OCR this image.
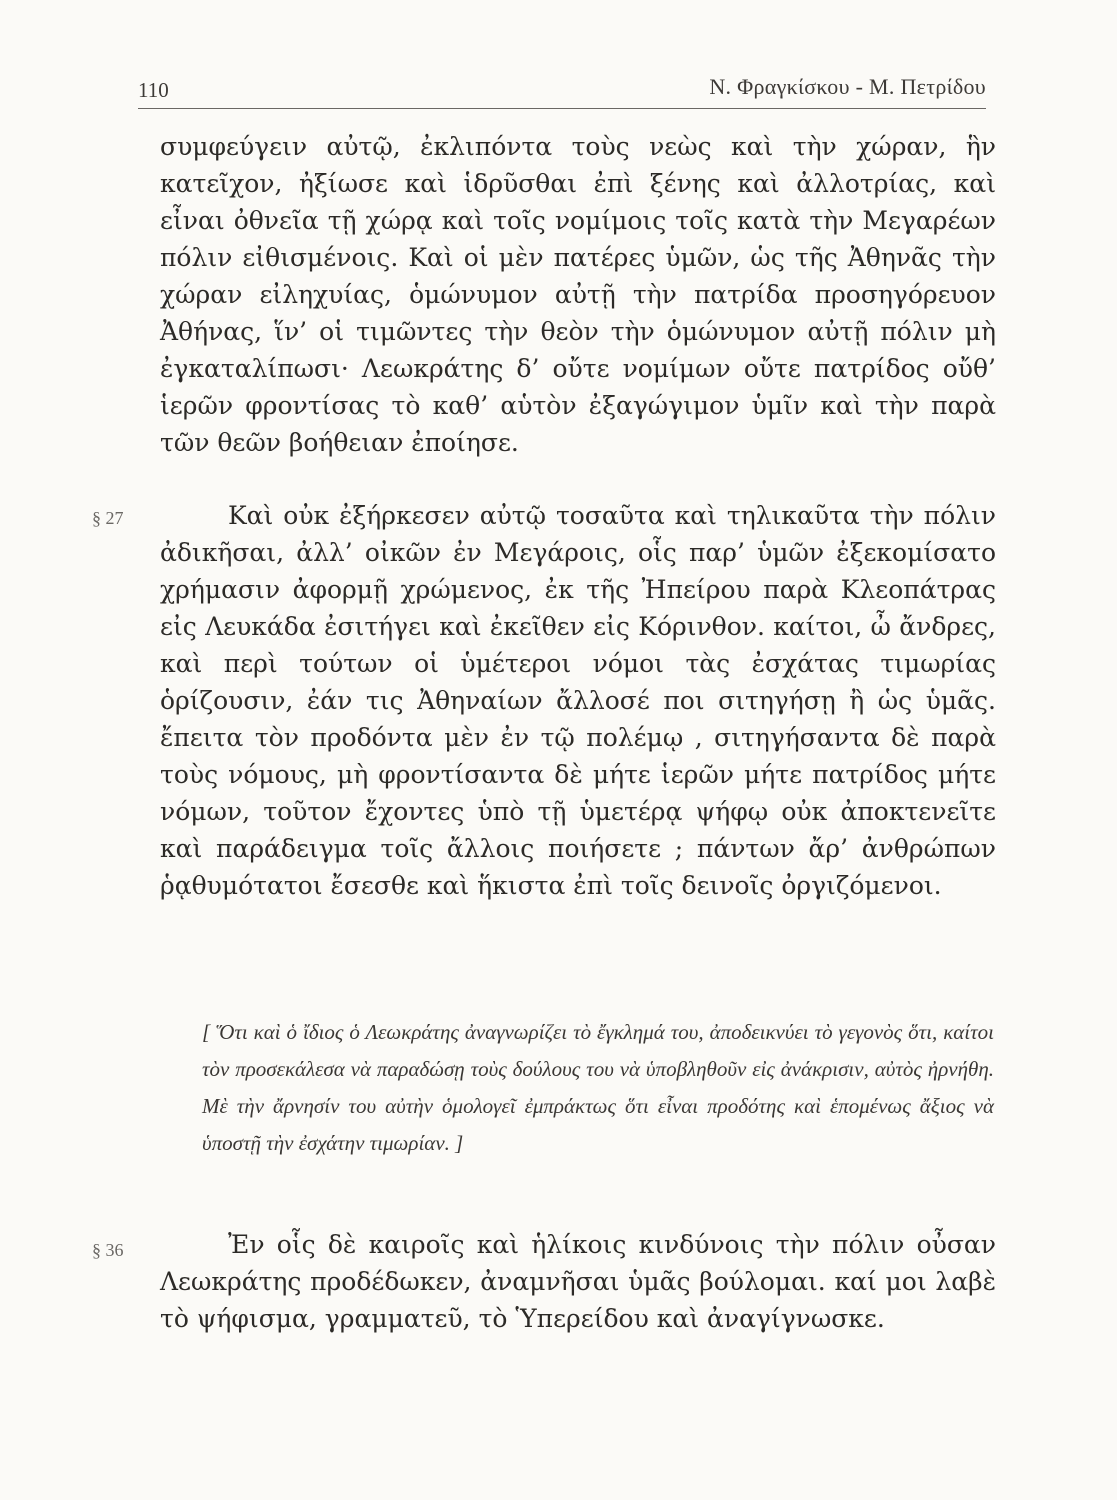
110	Ν. Φραγκίσκου - Μ. Πετρίδου

συμφεύγειν αὐτῷ, ἐκλιπόντα τοὺς νεὼς καὶ τὴν χώραν, ἣν κατεῖχον, ἠξίωσε καὶ ἱδρῦσθαι ἐπὶ ξένης καὶ ἀλλοτρίας, καὶ εἶναι ὀθνεῖα τῇ χώρᾳ καὶ τοῖς νομίμοις τοῖς κατὰ τὴν Μεγαρέων πόλιν εἰθισμένοις. Καὶ οἱ μὲν πατέρες ὑμῶν, ὡς τῆς Ἀθηνᾶς τὴν χώραν εἰληχυίας, ὁμώνυμον αὐτῇ τὴν πατρίδα προσηγόρευον Ἀθήνας, ἵν’ οἱ τιμῶντες τὴν θεὸν τὴν ὁμώνυμον αὐτῇ πόλιν μὴ ἐγκαταλίπωσι· Λεωκράτης δ’ οὔτε νομίμων οὔτε πατρίδος οὔθ’ ἱερῶν φροντίσας τὸ καθ’ αὑτὸν ἐξαγώγιμον ὑμῖν καὶ τὴν παρὰ τῶν θεῶν βοήθειαν ἐποίησε.

§ 27	Καὶ οὐκ ἐξήρκεσεν αὐτῷ τοσαῦτα καὶ τηλικαῦτα τὴν πόλιν ἀδικῆσαι, ἀλλ’ οἰκῶν ἐν Μεγάροις, οἷς παρ’ ὑμῶν ἐξεκομίσατο χρήμασιν ἀφορμῇ χρώμενος, ἐκ τῆς Ἠπείρου παρὰ Κλεοπάτρας εἰς Λευκάδα ἐσιτήγει καὶ ἐκεῖθεν εἰς Κόρινθον. καίτοι, ὦ ἄνδρες, καὶ περὶ τούτων οἱ ὑμέτεροι νόμοι τὰς ἐσχάτας τιμωρίας ὁρίζουσιν, ἐάν τις Ἀθηναίων ἄλλοσέ ποι σιτηγήσῃ ἢ ὡς ὑμᾶς. ἔπειτα τὸν προδόντα μὲν ἐν τῷ πολέμῳ , σιτηγήσαντα δὲ παρὰ τοὺς νόμους, μὴ φροντίσαντα δὲ μήτε ἱερῶν μήτε πατρίδος μήτε νόμων, τοῦτον ἔχοντες ὑπὸ τῇ ὑμετέρᾳ ψήφῳ οὐκ ἀποκτενεῖτε καὶ παράδειγμα τοῖς ἄλλοις ποιήσετε ; πάντων ἄρ’ ἀνθρώπων ῥᾳθυμότατοι ἔσεσθε καὶ ἥκιστα ἐπὶ τοῖς δεινοῖς ὀργιζόμενοι.

[ Ὅτι καὶ ὁ ἴδιος ὁ Λεωκράτης ἀναγνωρίζει τὸ ἔγκλημά του, ἀποδεικνύει τὸ γεγονὸς ὅτι, καίτοι τὸν προσεκάλεσα νὰ παραδώσῃ τοὺς δούλους του νὰ ὑποβληθοῦν εἰς ἀνάκρισιν, αὐτὸς ἠρνήθη. Μὲ τὴν ἄρνησίν του αὐτὴν ὁμολογεῖ ἐμπράκτως ὅτι εἶναι προδότης καὶ ἑπομένως ἄξιος νὰ ὑποστῇ τὴν ἐσχάτην τιμωρίαν. ]

§ 36	Ἐν οἷς δὲ καιροῖς καὶ ἡλίκοις κινδύνοις τὴν πόλιν οὖσαν Λεωκράτης προδέδωκεν, ἀναμνῆσαι ὑμᾶς βούλομαι. καί μοι λαβὲ τὸ ψήφισμα, γραμματεῦ, τὸ Ὑπερείδου καὶ ἀναγίγνωσκε.
